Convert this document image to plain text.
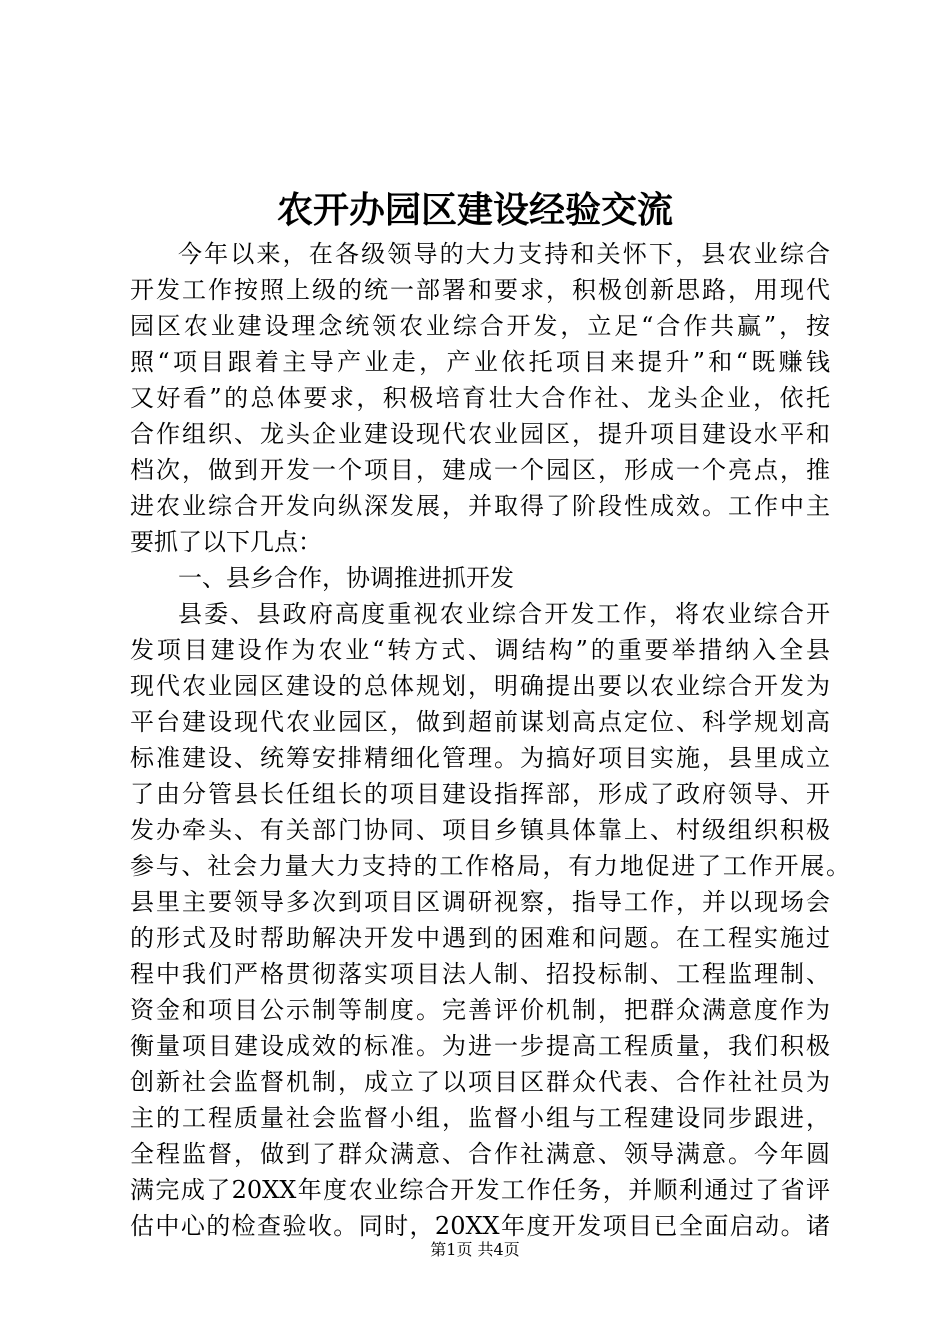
农开办园区建设经验交流
今年以来，在各级领导的大力支持和关怀下，县农业综合
开发工作按照上级的统一部署和要求，积极创新思路，用现代
园区农业建设理念统领农业综合开发，立足“合作共赢”，按
照“项目跟着主导产业走，产业依托项目来提升”和“既赚钱
又好看”的总体要求，积极培育壮大合作社、龙头企业，依托
合作组织、龙头企业建设现代农业园区，提升项目建设水平和
档次，做到开发一个项目，建成一个园区，形成一个亮点，推
进农业综合开发向纵深发展，并取得了阶段性成效。工作中主
要抓了以下几点：
一、县乡合作，协调推进抓开发
县委、县政府高度重视农业综合开发工作，将农业综合开
发项目建设作为农业“转方式、调结构”的重要举措纳入全县
现代农业园区建设的总体规划，明确提出要以农业综合开发为
平台建设现代农业园区，做到超前谋划高点定位、科学规划高
标准建设、统筹安排精细化管理。为搞好项目实施，县里成立
了由分管县长任组长的项目建设指挥部，形成了政府领导、开
发办牵头、有关部门协同、项目乡镇具体靠上、村级组织积极
参与、社会力量大力支持的工作格局，有力地促进了工作开展。
县里主要领导多次到项目区调研视察，指导工作，并以现场会
的形式及时帮助解决开发中遇到的困难和问题。在工程实施过
程中我们严格贯彻落实项目法人制、招投标制、工程监理制、
资金和项目公示制等制度。完善评价机制，把群众满意度作为
衡量项目建设成效的标准。为进一步提高工程质量，我们积极
创新社会监督机制，成立了以项目区群众代表、合作社社员为
主的工程质量社会监督小组，监督小组与工程建设同步跟进，
全程监督，做到了群众满意、合作社满意、领导满意。今年圆
满完成了20XX年度农业综合开发工作任务，并顺利通过了省评
估中心的检查验收。同时，20XX年度开发项目已全面启动。诸
第1页 共4页
